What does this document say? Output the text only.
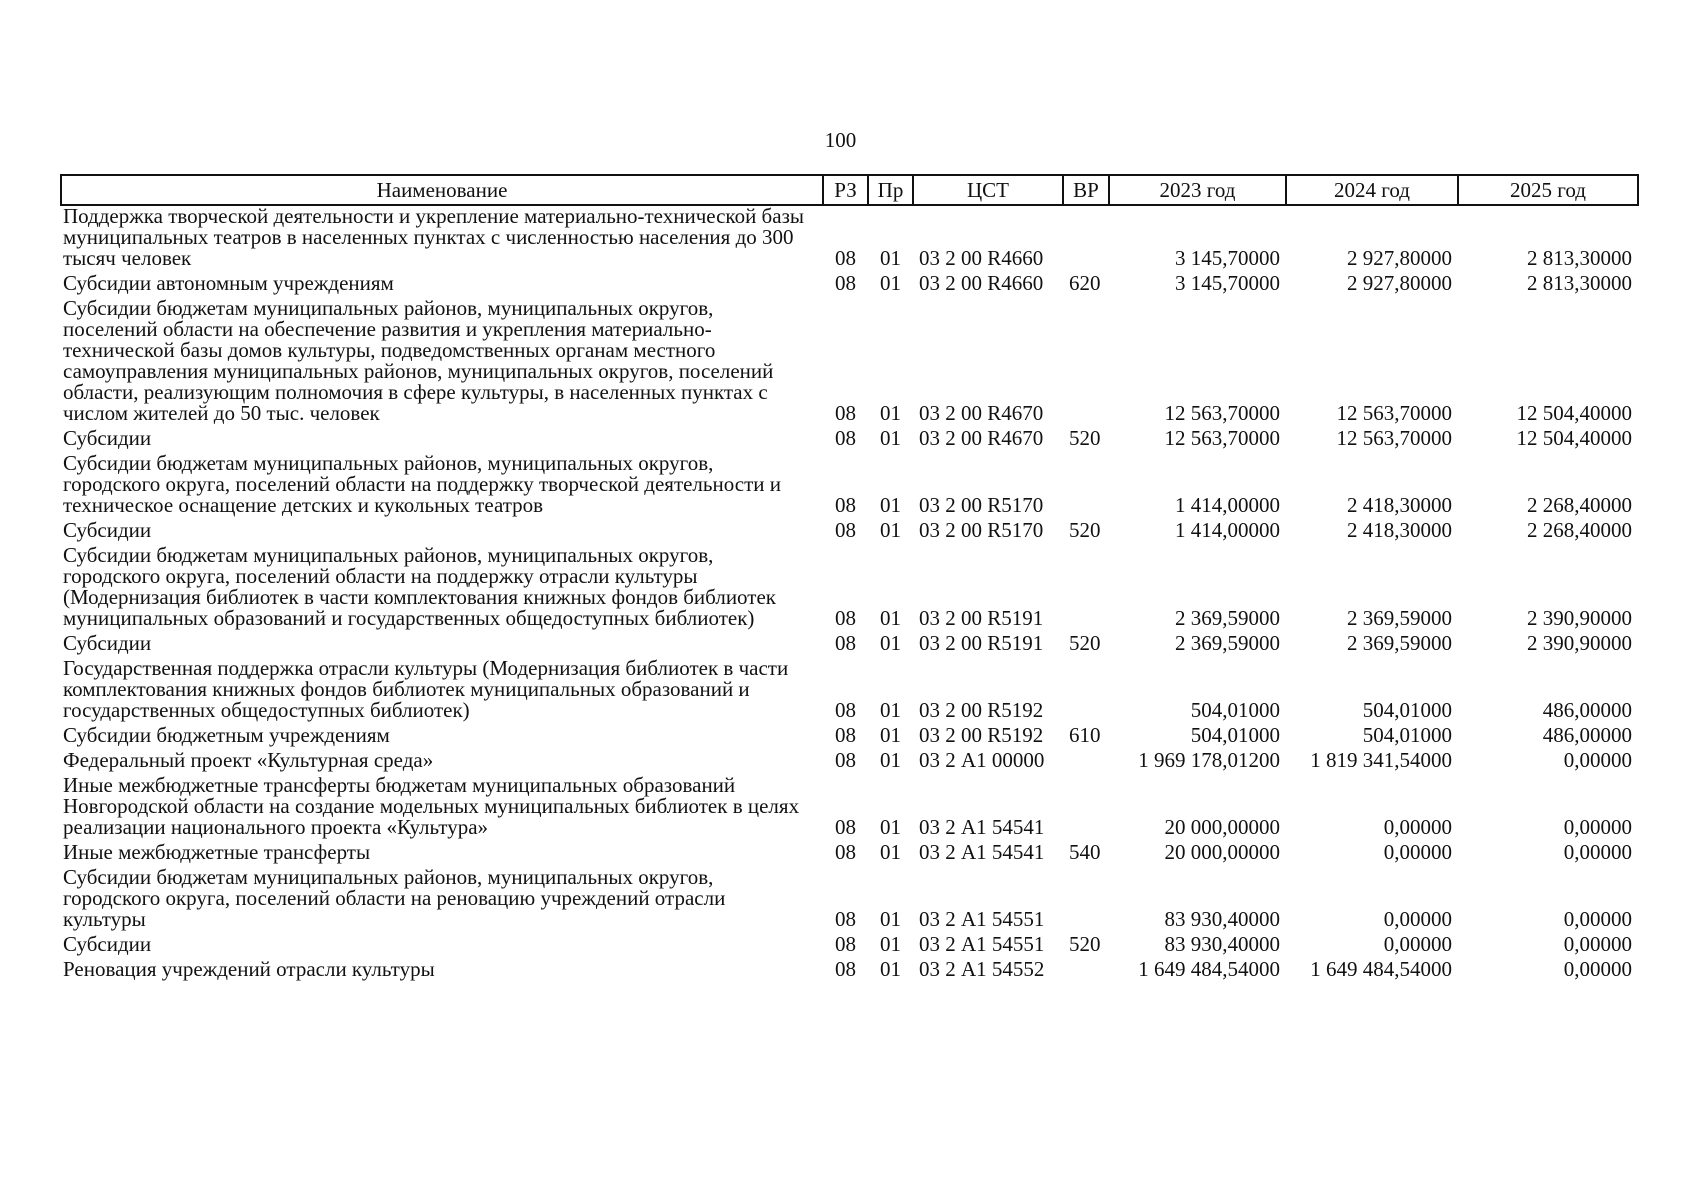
100
Наименование	РЗ	Пр	ЦСТ	ВР	2023 год	2024 год	2025 год
Поддержка творческой деятельности и укрепление материально-технической базы муниципальных театров в населенных пунктах с численностью населения до 300 тысяч человек	08	01	03 2 00 R4660		3 145,70000	2 927,80000	2 813,30000
Субсидии автономным учреждениям	08	01	03 2 00 R4660	620	3 145,70000	2 927,80000	2 813,30000
Субсидии бюджетам муниципальных районов, муниципальных округов, поселений области на обеспечение развития и укрепления материально-технической базы домов культуры, подведомственных органам местного самоуправления муниципальных районов, муниципальных округов, поселений области, реализующим полномочия в сфере культуры, в населенных пунктах с числом жителей до 50 тыс. человек	08	01	03 2 00 R4670		12 563,70000	12 563,70000	12 504,40000
Субсидии	08	01	03 2 00 R4670	520	12 563,70000	12 563,70000	12 504,40000
Субсидии бюджетам муниципальных районов, муниципальных округов, городского округа, поселений области на поддержку творческой деятельности и техническое оснащение детских и кукольных театров	08	01	03 2 00 R5170		1 414,00000	2 418,30000	2 268,40000
Субсидии	08	01	03 2 00 R5170	520	1 414,00000	2 418,30000	2 268,40000
Субсидии бюджетам муниципальных районов, муниципальных округов, городского округа, поселений области на поддержку отрасли культуры (Модернизация библиотек в части комплектования книжных фондов библиотек муниципальных образований и государственных общедоступных библиотек)	08	01	03 2 00 R5191		2 369,59000	2 369,59000	2 390,90000
Субсидии	08	01	03 2 00 R5191	520	2 369,59000	2 369,59000	2 390,90000
Государственная поддержка отрасли культуры (Модернизация библиотек в части комплектования книжных фондов библиотек муниципальных образований и государственных общедоступных библиотек)	08	01	03 2 00 R5192		504,01000	504,01000	486,00000
Субсидии бюджетным учреждениям	08	01	03 2 00 R5192	610	504,01000	504,01000	486,00000
Федеральный проект «Культурная среда»	08	01	03 2 А1 00000		1 969 178,01200	1 819 341,54000	0,00000
Иные межбюджетные трансферты бюджетам муниципальных образований Новгородской области на создание модельных муниципальных библиотек в целях реализации национального проекта «Культура»	08	01	03 2 А1 54541		20 000,00000	0,00000	0,00000
Иные межбюджетные трансферты	08	01	03 2 А1 54541	540	20 000,00000	0,00000	0,00000
Субсидии бюджетам муниципальных районов, муниципальных округов, городского округа, поселений области на реновацию учреждений отрасли культуры	08	01	03 2 А1 54551		83 930,40000	0,00000	0,00000
Субсидии	08	01	03 2 А1 54551	520	83 930,40000	0,00000	0,00000
Реновация учреждений отрасли культуры	08	01	03 2 А1 54552		1 649 484,54000	1 649 484,54000	0,00000
